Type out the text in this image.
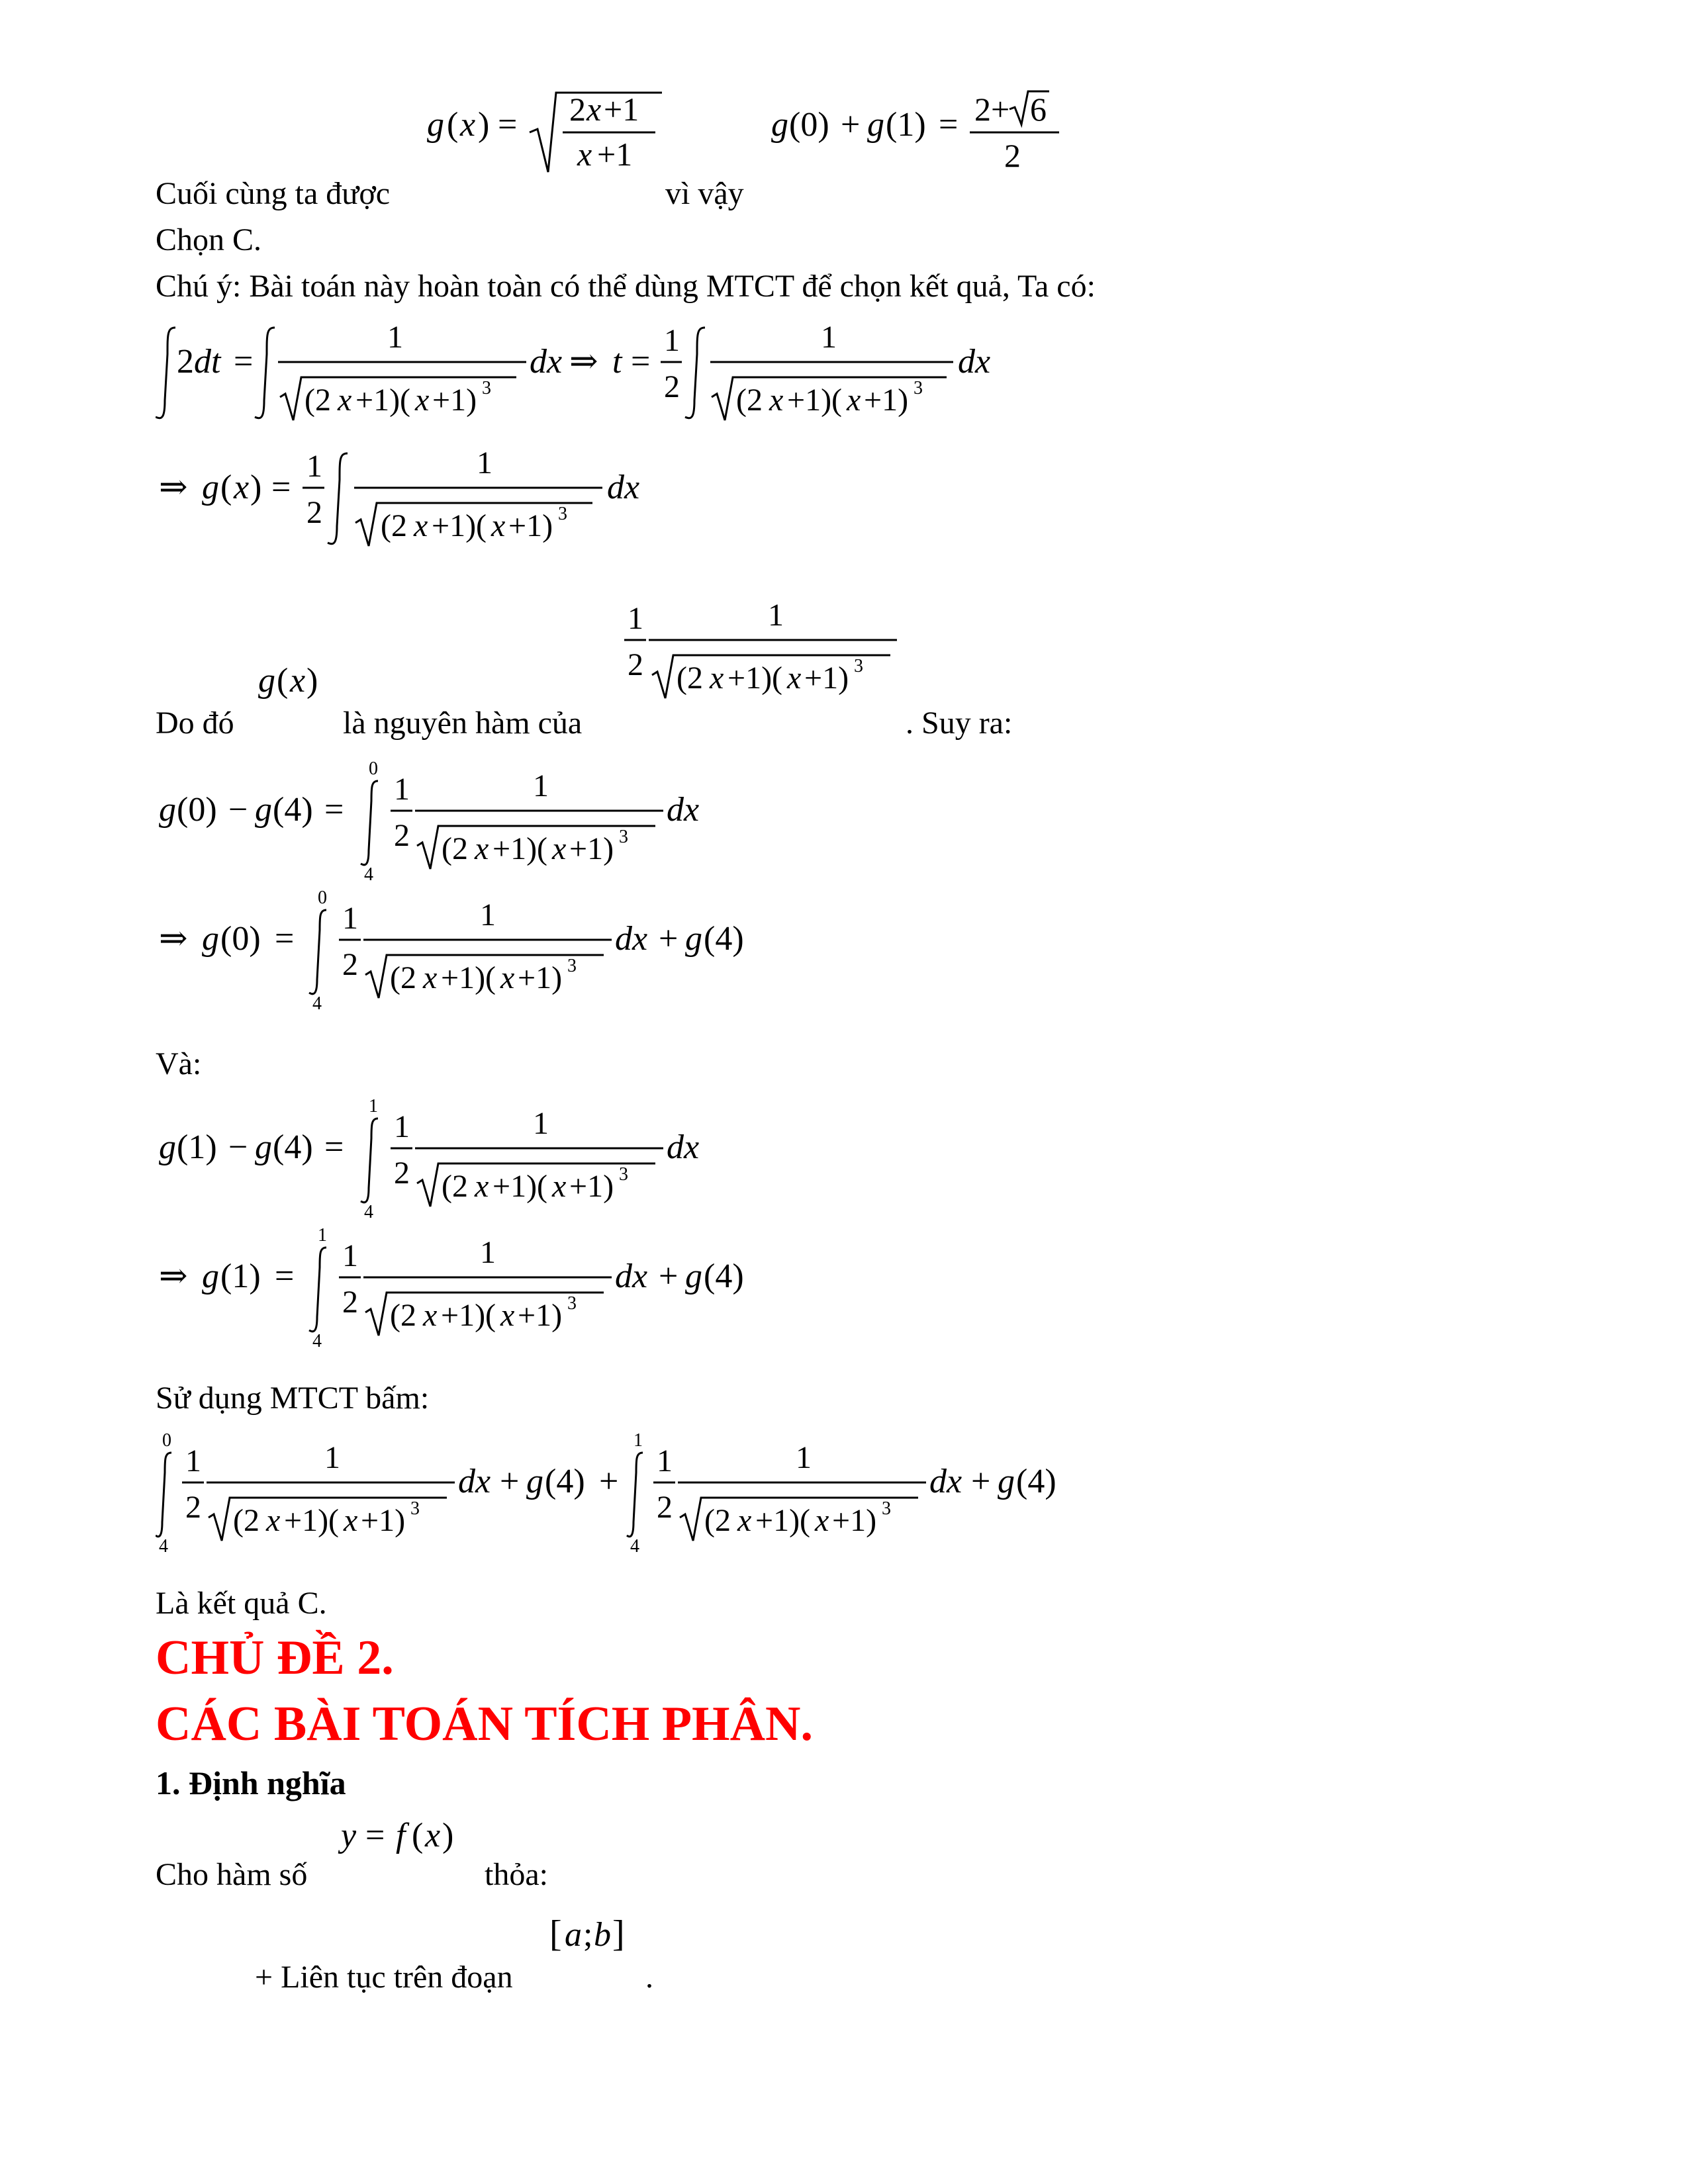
g ( x ) = 2 x +1
x +1
g (0) + g (1) = 2+ 6
2
Cuối cùng ta được	vì vậy
Chọn C.
Chú ý: Bài toán này hoàn toàn có thể dùng MTCT để chọn kết quả, Ta có:
2 dt =
1
(2 x +1)( x +1) 3
dx ⇒ t =
1
2
1
(2 x +1)( x +1) 3
dx
⇒ g ( x ) =
1
2
1
(2 x +1)( x +1) 3
dx
g ( x )
1
2
1
(2 x +1)( x +1) 3
Do đó	là nguyên hàm của	. Suy ra:
g (0) − g (4) =
0
4
1
2
1
(2 x +1)( x +1) 3
dx
⇒ g (0) =
0
4
1
2
1
(2 x +1)( x +1) 3
dx + g (4)
Và:
g (1) − g (4) =
1
4
1
2
1
(2 x +1)( x +1) 3
dx
⇒ g (1) =
1
4
1
2
1
(2 x +1)( x +1) 3
dx + g (4)
Sử dụng MTCT bấm:
0
4
1
2
1
(2 x +1)( x +1) 3
dx + g (4) +
1
4
1
2
1
(2 x +1)( x +1) 3
dx + g (4)
Là kết quả C.
CHỦ ĐỀ 2.
CÁC BÀI TOÁN TÍCH PHÂN.
1. Định nghĩa
y = f ( x )
Cho hàm số	thỏa:
[ a ; b ]
+ Liên tục trên đoạn	.
